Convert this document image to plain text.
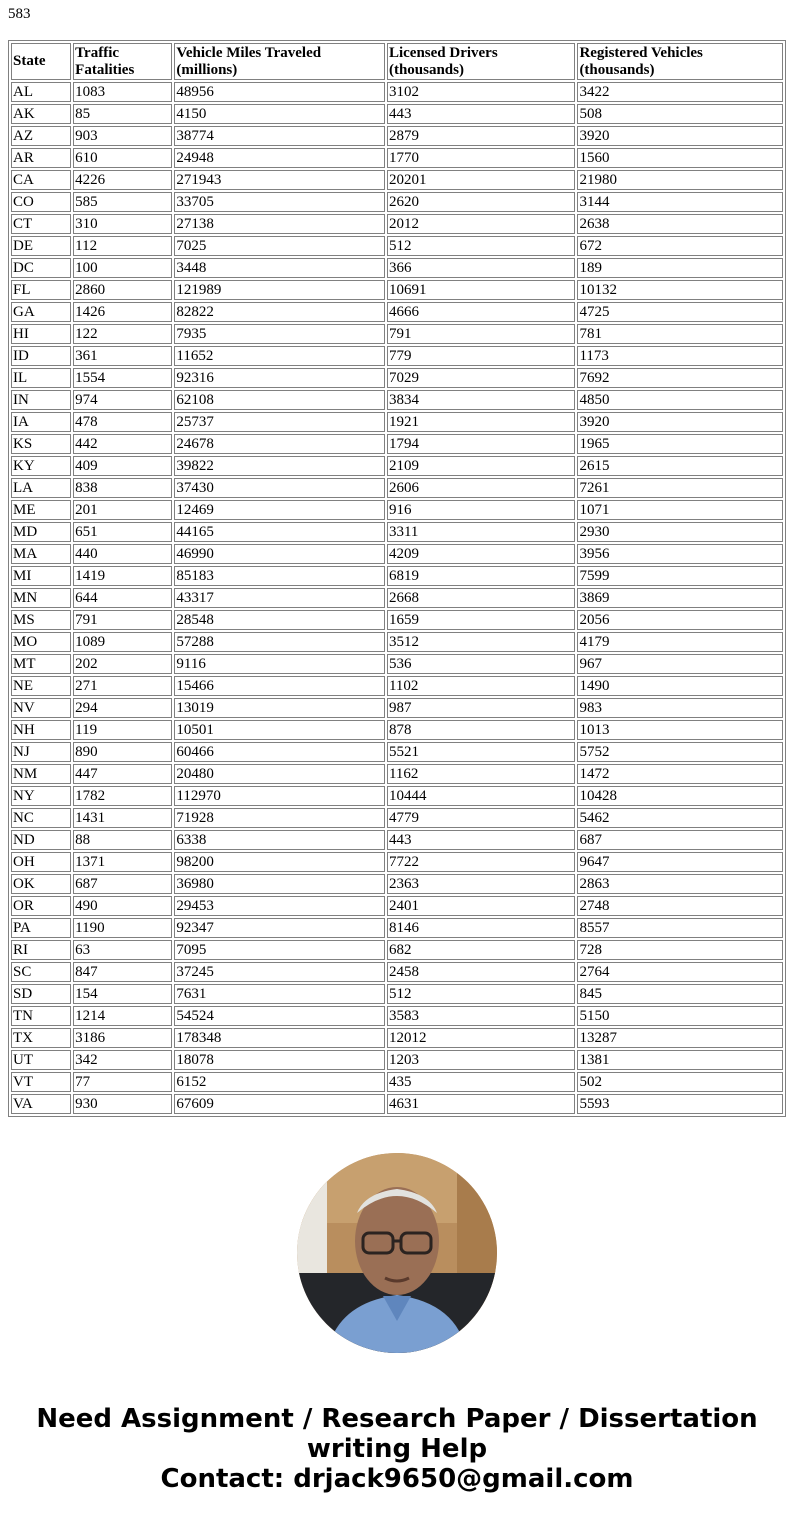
583
State	Traffic Fatalities	Vehicle Miles Traveled (millions)	Licensed Drivers (thousands)	Registered Vehicles (thousands)
AL	1083	48956	3102	3422
AK	85	4150	443	508
AZ	903	38774	2879	3920
AR	610	24948	1770	1560
CA	4226	271943	20201	21980
CO	585	33705	2620	3144
CT	310	27138	2012	2638
DE	112	7025	512	672
DC	100	3448	366	189
FL	2860	121989	10691	10132
GA	1426	82822	4666	4725
HI	122	7935	791	781
ID	361	11652	779	1173
IL	1554	92316	7029	7692
IN	974	62108	3834	4850
IA	478	25737	1921	3920
KS	442	24678	1794	1965
KY	409	39822	2109	2615
LA	838	37430	2606	7261
ME	201	12469	916	1071
MD	651	44165	3311	2930
MA	440	46990	4209	3956
MI	1419	85183	6819	7599
MN	644	43317	2668	3869
MS	791	28548	1659	2056
MO	1089	57288	3512	4179
MT	202	9116	536	967
NE	271	15466	1102	1490
NV	294	13019	987	983
NH	119	10501	878	1013
NJ	890	60466	5521	5752
NM	447	20480	1162	1472
NY	1782	112970	10444	10428
NC	1431	71928	4779	5462
ND	88	6338	443	687
OH	1371	98200	7722	9647
OK	687	36980	2363	2863
OR	490	29453	2401	2748
PA	1190	92347	8146	8557
RI	63	7095	682	728
SC	847	37245	2458	2764
SD	154	7631	512	845
TN	1214	54524	3583	5150
TX	3186	178348	12012	13287
UT	342	18078	1203	1381
VT	77	6152	435	502
VA	930	67609	4631	5593
Need Assignment / Research Paper / Dissertation
writing Help
Contact: drjack9650@gmail.com
